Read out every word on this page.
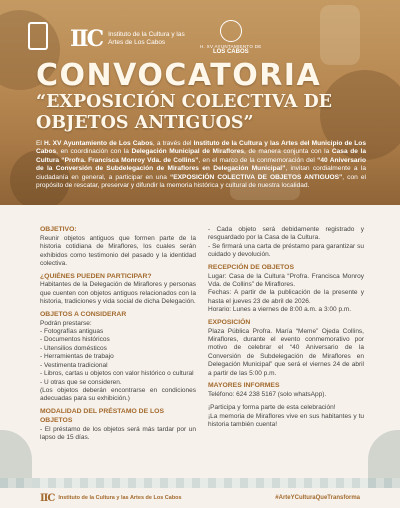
IIC Instituto de la Cultura y las Artes de Los Cabos
H. XV AYUNTAMIENTO DE
LOS CABOS
CONVOCATORIA
“EXPOSICIÓN COLECTIVA DE OBJETOS ANTIGUOS”
El H. XV Ayuntamiento de Los Cabos, a través del Instituto de la Cultura y las Artes del Municipio de Los Cabos, en coordinación con la Delegación Municipal de Miraflores, de manera conjunta con la Casa de la Cultura “Profra. Francisca Monroy Vda. de Collins”, en el marco de la conmemoración del “40 Aniversario de la Conversión de Subdelegación de Miraflores en Delegación Municipal”, invitan cordialmente a la ciudadanía en general, a participar en una “EXPOSICIÓN COLECTIVA DE OBJETOS ANTIGUOS”, con el propósito de rescatar, preservar y difundir la memoria histórica y cultural de nuestra localidad.
OBJETIVO:
Reunir objetos antiguos que formen parte de la historia cotidiana de Miraflores, los cuales serán exhibidos como testimonio del pasado y la identidad colectiva.
¿QUIÉNES PUEDEN PARTICIPAR?
Habitantes de la Delegación de Miraflores y personas que cuenten con objetos antiguos relacionados con la historia, tradiciones y vida social de dicha Delegación.
OBJETOS A CONSIDERAR
Podrán prestarse:
- Fotografías antiguas
- Documentos históricos
- Utensilios domésticos
- Herramientas de trabajo
- Vestimenta tradicional
- Libros, cartas u objetos con valor histórico o cultural
- U otras que se consideren.
(Los objetos deberán encontrarse en condiciones adecuadas para su exhibición.)
MODALIDAD DEL PRÉSTAMO DE LOS OBJETOS
- El préstamo de los objetos será más tardar por un lapso de 15 días.
- Cada objeto será debidamente registrado y resguardado por la Casa de la Cultura.
- Se firmará una carta de préstamo para garantizar su cuidado y devolución.
RECEPCIÓN DE OBJETOS
Lugar: Casa de la Cultura “Profra. Francisca Monroy Vda. de Collins” de Miraflores.
Fechas: A partir de la publicación de la presente y hasta el jueves 23 de abril de 2026.
Horario: Lunes a viernes de 8:00 a.m. a 3:00 p.m.
EXPOSICIÓN
Plaza Pública Profra. María “Meme” Ojeda Collins, Miraflores, durante el evento conmemorativo por motivo de celebrar el “40 Aniversario de la Conversión de Subdelegación de Miraflores en Delegación Municipal” que será el viernes 24 de abril a partir de las 5:00 p.m.
MAYORES INFORMES
Teléfono: 624 238 5167 (solo whatsApp).
¡Participa y forma parte de esta celebración!
¡La memoria de Miraflores vive en sus habitantes y tu historia también cuenta!
IIC Instituto de la Cultura y las Artes de Los Cabos	#ArteYCulturaQueTransforma
